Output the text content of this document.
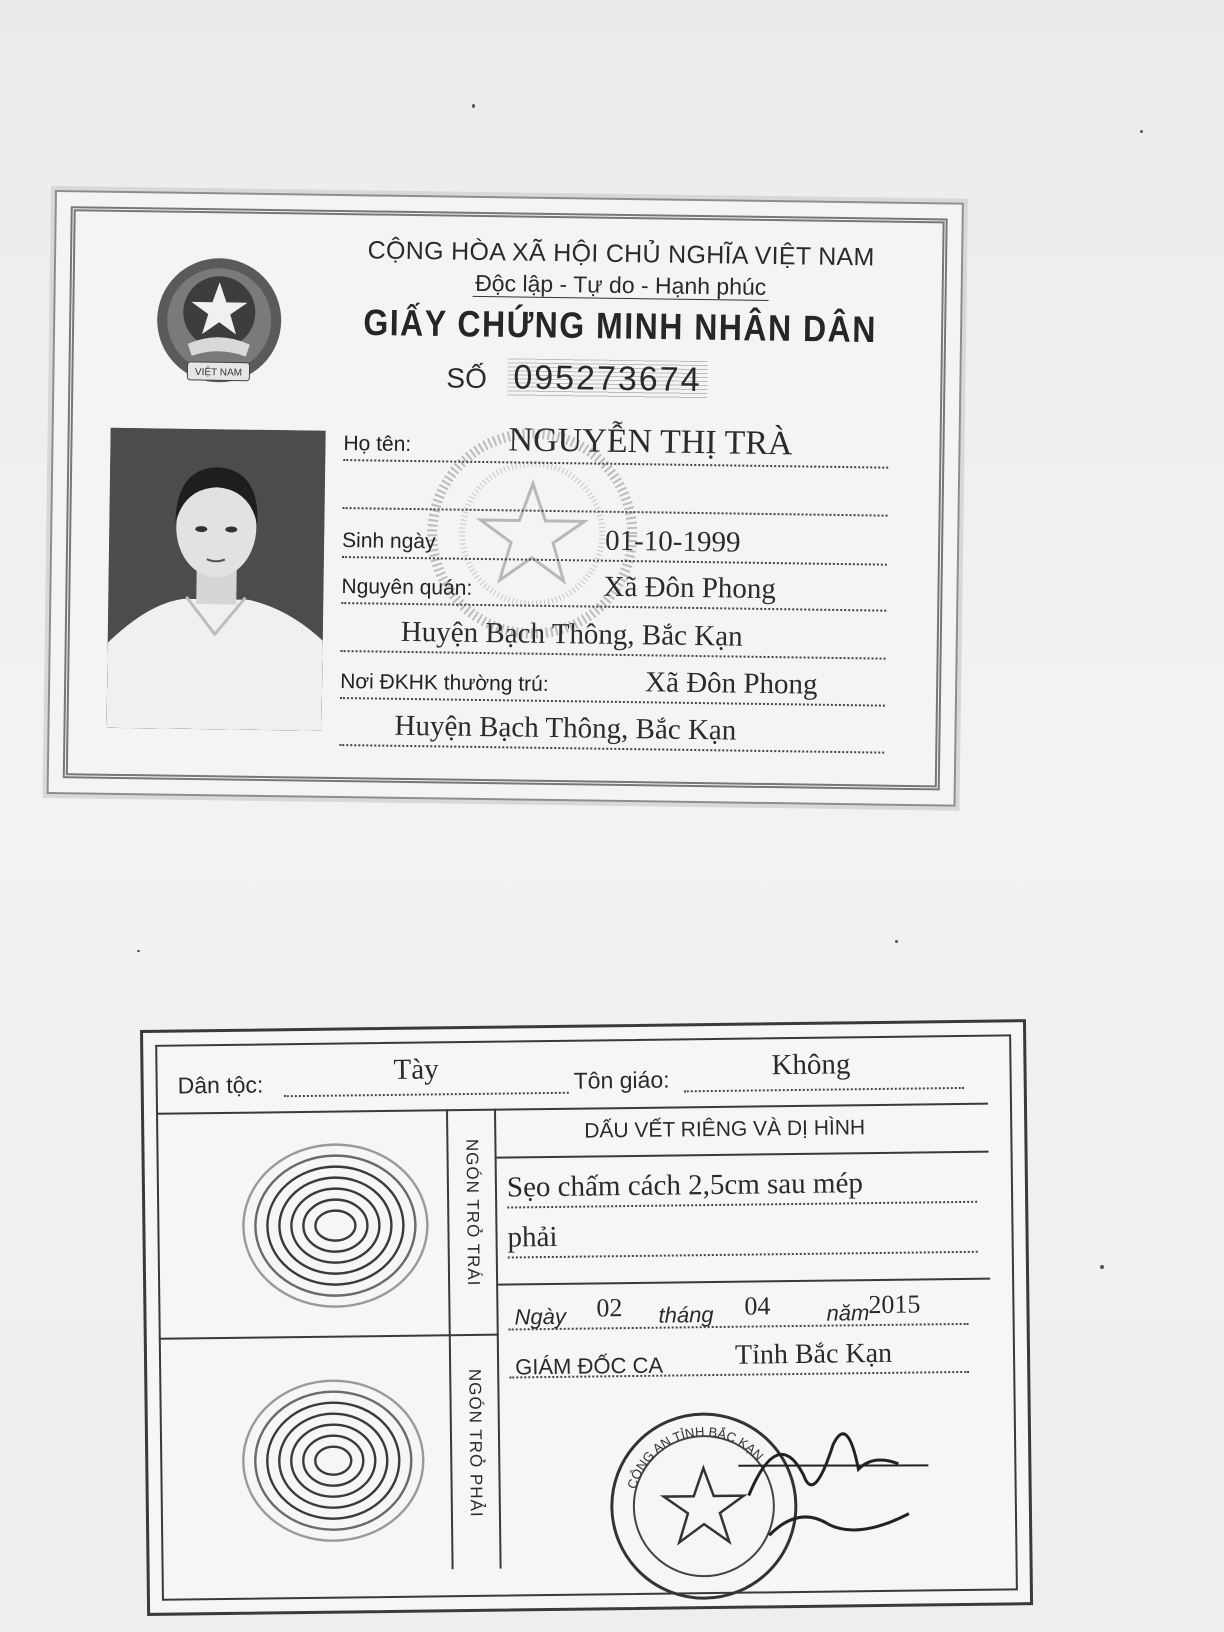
VIỆT NAM
CỘNG HÒA XÃ HỘI CHỦ NGHĨA VIỆT NAM
Độc lập - Tự do - Hạnh phúc
GIẤY CHỨNG MINH NHÂN DÂN
SỐ 095273674
Họ tên:	NGUYỄN THỊ TRÀ
Sinh ngày	01-10-1999
Nguyên quán:	Xã Đôn Phong
Huyện Bạch Thông, Bắc Kạn
Nơi ĐKHK thường trú:	Xã Đôn Phong
Huyện Bạch Thông, Bắc Kạn
Dân tộc:	Tày	Tôn giáo:	Không
NGÓN TRỎ TRÁI
NGÓN TRỎ PHẢI
DẤU VẾT RIÊNG VÀ DỊ HÌNH
Sẹo chấm cách 2,5cm sau mép
phải
Ngày 02 tháng 04	năm
2015
GIÁM ĐỐC CA	Tỉnh Bắc Kạn
CÔNG AN TỈNH BẮC KẠN
